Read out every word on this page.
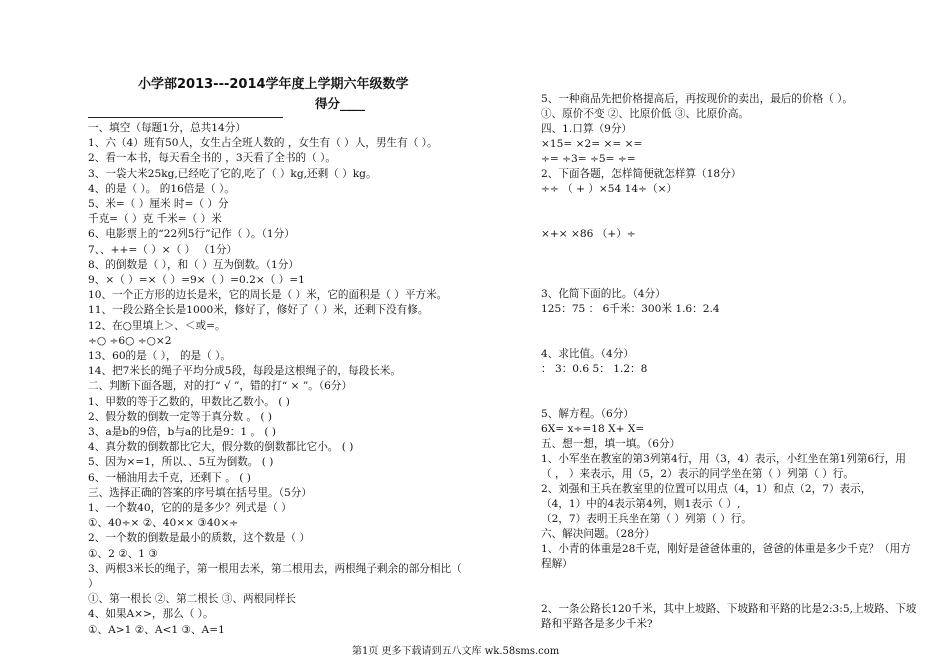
小学部2013---2014学年度上学期六年级数学
得分____
一、填空（每题1分，总共14分）
1、六（4）班有50人，女生占全班人数的 ，女生有（ ）人，男生有（ ）。
2、看一本书，每天看全书的 ，3天看了全书的（ ）。
3、一袋大米25kg,已经吃了它的,吃了（ ）kg,还剩（ ）kg。
4、的是（ ）。 的16倍是（ ）。
5、米=（ ）厘米 时=（ ）分
千克=（ ）克 千米=（ ）米
6、电影票上的“22列5行”记作（ ）。（1分）
7、、++=（ ）×（ ） （1分）
8、的倒数是（ ），和（ ）互为倒数。（1分）
9、×（ ）=×（ ）=9×（ ）=0.2×（ ）=1
10、一个正方形的边长是米，它的周长是（ ）米，它的面积是（ ）平方米。
11、一段公路全长是1000米，修好了，修好了（ ）米，还剩下没有修。
12、在○里填上＞、＜或=。
÷○ ÷6○ ÷○×2
13、60的是（ ）， 的是（ ）。
14、把7米长的绳子平均分成5段，每段是这根绳子的，每段长米。
二、判断下面各题，对的打“ √ ”，错的打“ × ”。（6分）
1、甲数的等于乙数的，甲数比乙数小。 ( )
2、假分数的倒数一定等于真分数 。 ( )
3、a是b的9倍，b与a的比是9：1 。 ( )
4、真分数的倒数都比它大，假分数的倒数都比它小。 ( )
5、因为×=1，所以、、5互为倒数。 ( )
6、一桶油用去千克，还剩下 。 ( )
三、选择正确的答案的序号填在括号里。（5分）
1、一个数40，它的的是多少？列式是（ ）
①、40÷× ②、40×× ③40×÷
2、一个数的倒数是最小的质数，这个数是（ ）
①、2 ②、1 ③
3、两根3米长的绳子，第一根用去米，第二根用去，两根绳子剩余的部分相比（
）
①、第一根长 ②、第二根长 ③、两根同样长
4、如果A×>，那么（ ）。
①、A>1 ②、A<1 ③、A=1
5、一种商品先把价格提高后，再按现价的卖出，最后的价格（ ）。
①、原价不变 ②、比原价低 ③、比原价高。
四、1.口算（9分）
×15= ×2= ×= ×=
÷= ÷3= ÷5= ÷=
2、下面各题，怎样简便就怎样算（18分）
÷÷ （ + ）×54 14÷（×）
×+× ×86 （+）÷
3、化简下面的比。（4分）
125：75 ： 6千米：300米 1.6：2.4
4、求比值。（4分）
： 3：0.6 5： 1.2：8
5、解方程。（6分）
6X= x÷=18 X+ X=
五、想一想，填一填。（6分）
1、小军坐在教室的第3列第4行，用（3，4）表示，小红坐在第1列第6行，用
（ ， ）来表示，用（5，2）表示的同学坐在第（ ）列第（ ）行。
2、刘强和王兵在教室里的位置可以用点（4，1）和点（2，7）表示，
（4，1）中的4表示第4列，则1表示（ ）,
（2，7）表明王兵坐在第（ ）列第（ ）行。
六、解决问题。（28分）
1、小青的体重是28千克，刚好是爸爸体重的，爸爸的体重是多少千克？（用方
程解）
2、一条公路长120千米，其中上坡路、下坡路和平路的比是2:3:5,上坡路、下坡
路和平路各是多少千米?
第1页 更多下载请到五八文库 wk.58sms.com
